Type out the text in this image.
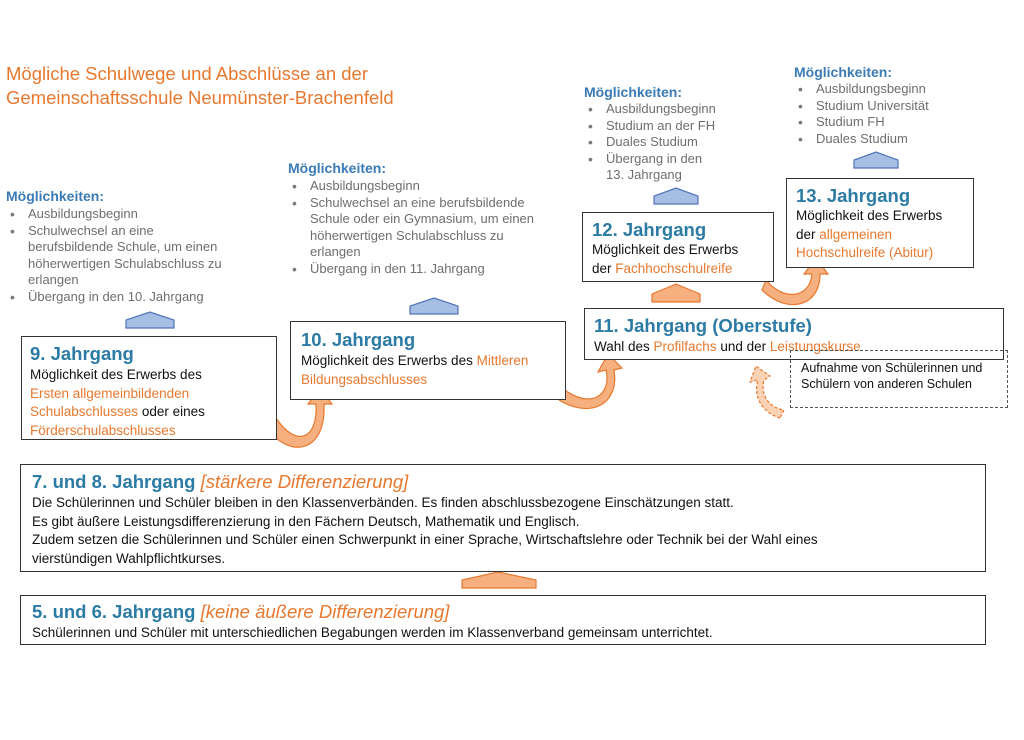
Mögliche Schulwege und Abschlüsse an der
Gemeinschaftsschule Neumünster-Brachenfeld
Möglichkeiten:
• Ausbildungsbeginn
• Schulwechsel an eine berufsbildende Schule, um einen höherwertigen Schulabschluss zu erlangen
• Übergang in den 10. Jahrgang
Möglichkeiten:
• Ausbildungsbeginn
• Schulwechsel an eine berufsbildende Schule oder ein Gymnasium, um einen höherwertigen Schulabschluss zu erlangen
• Übergang in den 11. Jahrgang
Möglichkeiten:
• Ausbildungsbeginn
• Studium an der FH
• Duales Studium
• Übergang in den 13. Jahrgang
Möglichkeiten:
• Ausbildungsbeginn
• Studium Universität
• Studium FH
• Duales Studium
9. Jahrgang
Möglichkeit des Erwerbs des
Ersten allgemeinbildenden
Schulabschlusses oder eines
Förderschulabschlusses
10. Jahrgang
Möglichkeit des Erwerbs des Mittleren
Bildungsabschlusses
11. Jahrgang (Oberstufe)
Wahl des Profilfachs und der Leistungskurse
12. Jahrgang
Möglichkeit des Erwerbs
der Fachhochschulreife
13. Jahrgang
Möglichkeit des Erwerbs
der allgemeinen
Hochschulreife (Abitur)
Aufnahme von Schülerinnen und
Schülern von anderen Schulen
7. und 8. Jahrgang [stärkere Differenzierung]
Die Schülerinnen und Schüler bleiben in den Klassenverbänden. Es finden abschlussbezogene Einschätzungen statt.
Es gibt äußere Leistungsdifferenzierung in den Fächern Deutsch, Mathematik und Englisch.
Zudem setzen die Schülerinnen und Schüler einen Schwerpunkt in einer Sprache, Wirtschaftslehre oder Technik bei der Wahl eines
vierstündigen Wahlpflichtkurses.
5. und 6. Jahrgang [keine äußere Differenzierung]
Schülerinnen und Schüler mit unterschiedlichen Begabungen werden im Klassenverband gemeinsam unterrichtet.
